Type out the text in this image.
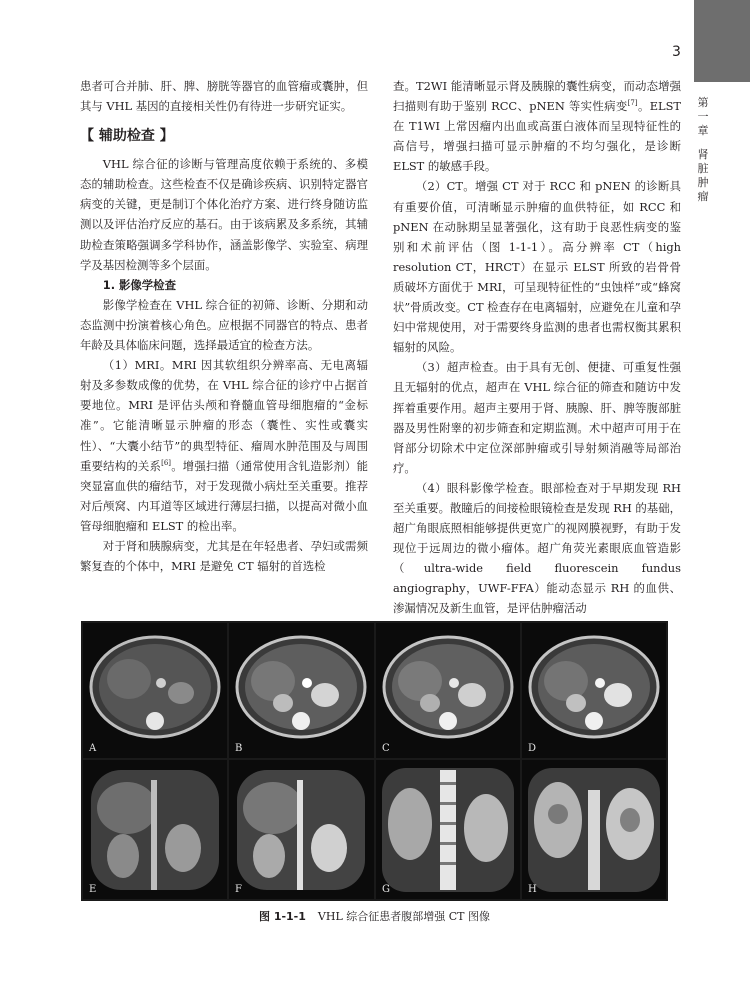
3
第一章
肾脏肿瘤

患者可合并肺、肝、脾、膀胱等器官的血管瘤或囊肿，但其与 VHL 基因的直接相关性仍有待进一步研究证实。

【 辅助检查 】

VHL 综合征的诊断与管理高度依赖于系统的、多模态的辅助检查。这些检查不仅是确诊疾病、识别特定器官病变的关键，更是制订个体化治疗方案、进行终身随访监测以及评估治疗反应的基石。由于该病累及多系统，其辅助检查策略强调多学科协作，涵盖影像学、实验室、病理学及基因检测等多个层面。

1. 影像学检查

影像学检查在 VHL 综合征的初筛、诊断、分期和动态监测中扮演着核心角色。应根据不同器官的特点、患者年龄及具体临床问题，选择最适宜的检查方法。

（1）MRI。MRI 因其软组织分辨率高、无电离辐射及多参数成像的优势，在 VHL 综合征的诊疗中占据首要地位。MRI 是评估头颅和脊髓血管母细胞瘤的“金标准”。它能清晰显示肿瘤的形态（囊性、实性或囊实性）、“大囊小结节”的典型特征、瘤周水肿范围及与周围重要结构的关系[6]。增强扫描（通常使用含钆造影剂）能突显富血供的瘤结节，对于发现微小病灶至关重要。推荐对后颅窝、内耳道等区域进行薄层扫描，以提高对微小血管母细胞瘤和 ELST 的检出率。

对于肾和胰腺病变，尤其是在年轻患者、孕妇或需频繁复查的个体中，MRI 是避免 CT 辐射的首选检

查。T2WI 能清晰显示肾及胰腺的囊性病变，而动态增强扫描则有助于鉴别 RCC、pNEN 等实性病变[7]。ELST 在 T1WI 上常因瘤内出血或高蛋白液体而呈现特征性的高信号，增强扫描可显示肿瘤的不均匀强化，是诊断 ELST 的敏感手段。

（2）CT。增强 CT 对于 RCC 和 pNEN 的诊断具有重要价值，可清晰显示肿瘤的血供特征，如 RCC 和 pNEN 在动脉期呈显著强化，这有助于良恶性病变的鉴别和术前评估（图 1-1-1）。高分辨率 CT（high resolution CT，HRCT）在显示 ELST 所致的岩骨骨质破坏方面优于 MRI，可呈现特征性的“虫蚀样”或“蜂窝状”骨质改变。CT 检查存在电离辐射，应避免在儿童和孕妇中常规使用，对于需要终身监测的患者也需权衡其累积辐射的风险。

（3）超声检查。由于具有无创、便捷、可重复性强且无辐射的优点，超声在 VHL 综合征的筛查和随访中发挥着重要作用。超声主要用于肾、胰腺、肝、脾等腹部脏器及男性附睾的初步筛查和定期监测。术中超声可用于在肾部分切除术中定位深部肿瘤或引导射频消融等局部治疗。

（4）眼科影像学检查。眼部检查对于早期发现 RH 至关重要。散瞳后的间接检眼镜检查是发现 RH 的基础，超广角眼底照相能够提供更宽广的视网膜视野，有助于发现位于远周边的微小瘤体。超广角荧光素眼底血管造影（ultra-wide field fluorescein fundus angiography，UWF-FFA）能动态显示 RH 的血供、渗漏情况及新生血管，是评估肿瘤活动

A	B	C	D
E	F	G	H
图 1-1-1 VHL 综合征患者腹部增强 CT 图像
